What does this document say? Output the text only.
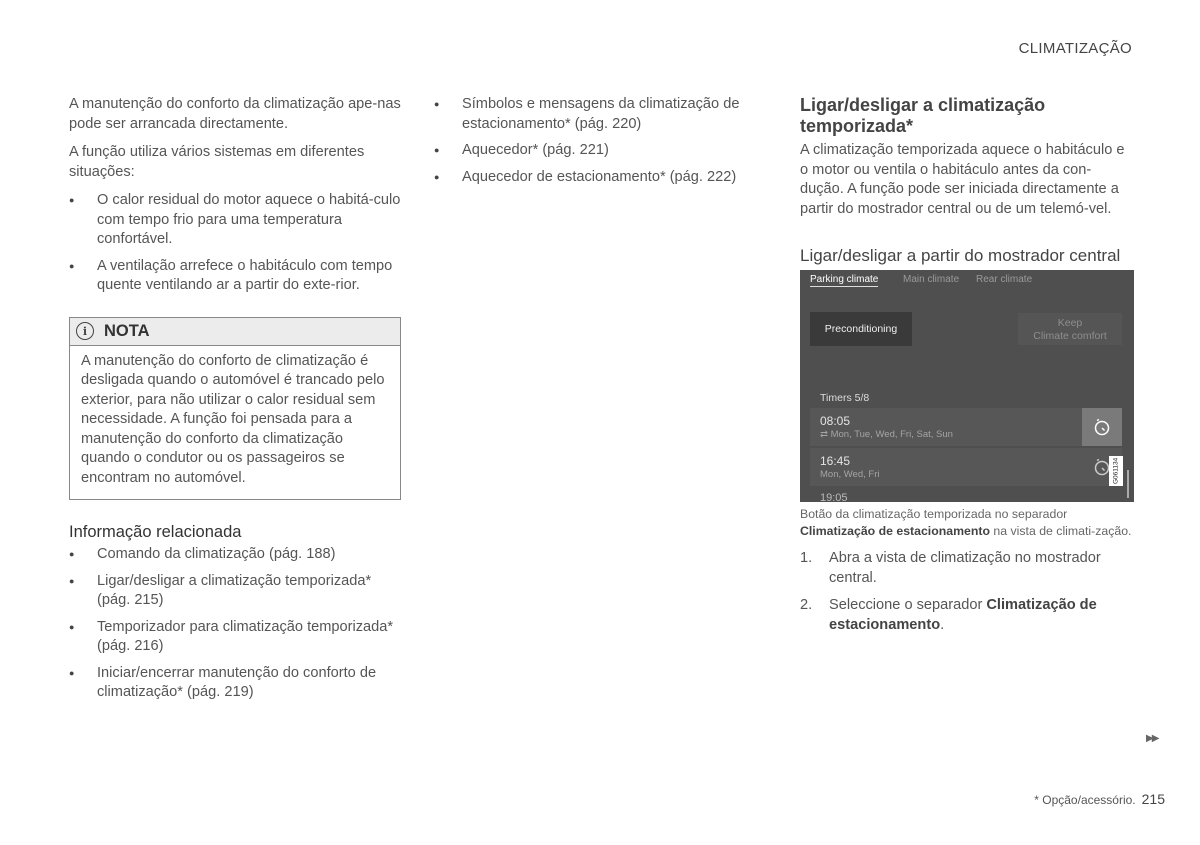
CLIMATIZAÇÃO

A manutenção do conforto da climatização ape-nas pode ser arrancada directamente.

A função utiliza vários sistemas em diferentes situações:

● O calor residual do motor aquece o habitá-culo com tempo frio para uma temperatura confortável.
● A ventilação arrefece o habitáculo com tempo quente ventilando ar a partir do exte-rior.
i	NOTA
A manutenção do conforto de climatização é desligada quando o automóvel é trancado pelo exterior, para não utilizar o calor residual sem necessidade. A função foi pensada para a manutenção do conforto da climatização quando o condutor ou os passageiros se encontram no automóvel.
Informação relacionada
● Comando da climatização (pág. 188)
● Ligar/desligar a climatização temporizada* (pág. 215)
● Temporizador para climatização temporizada* (pág. 216)
● Iniciar/encerrar manutenção do conforto de climatização* (pág. 219)
● Símbolos e mensagens da climatização de estacionamento* (pág. 220)
● Aquecedor* (pág. 221)
● Aquecedor de estacionamento* (pág. 222)
Ligar/desligar a climatização temporizada*

A climatização temporizada aquece o habitáculo e o motor ou ventila o habitáculo antes da con-dução. A função pode ser iniciada directamente a partir do mostrador central ou de um telemó-vel.

Ligar/desligar a partir do mostrador central
Parking climate Main climate Rear climate
Preconditioning	Keep
Climate comfort
Timers 5/8
08:05
⇄ Mon, Tue, Wed, Fri, Sat, Sun
16:45
Mon, Wed, Fri
19:05
G061134
Botão da climatização temporizada no separador Climatização de estacionamento na vista de climati-zação.
1. Abra a vista de climatização no mostrador central.
2. Seleccione o separador Climatização de estacionamento.
▶▶
* Opção/acessório. 215
